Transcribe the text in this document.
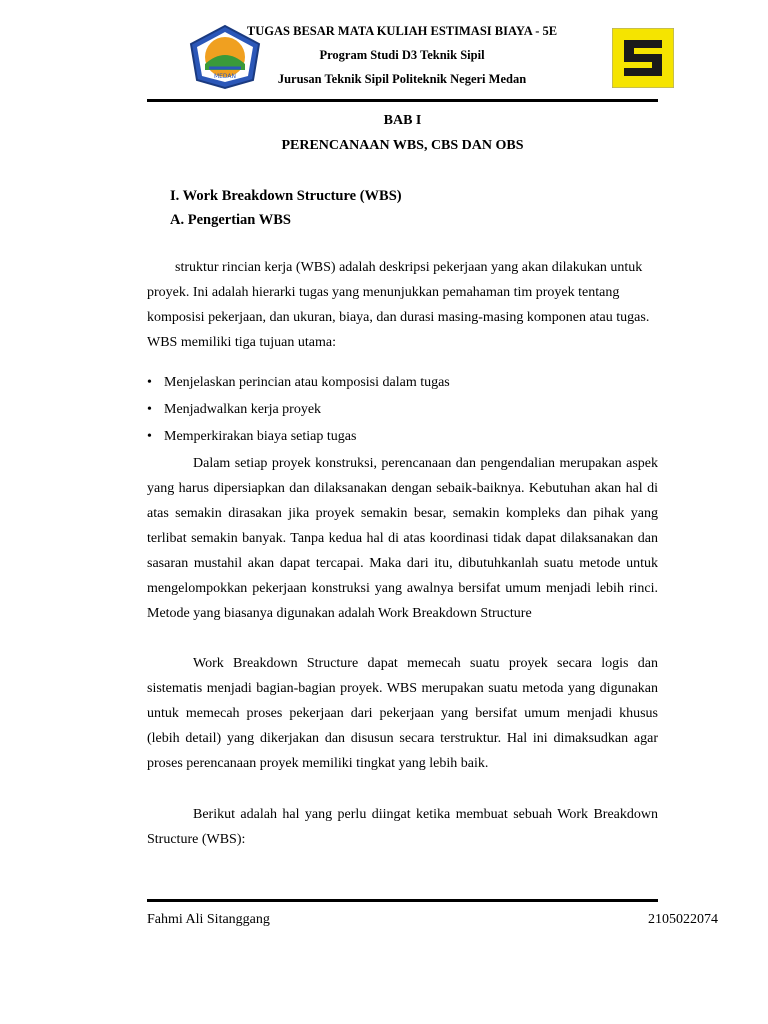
MEDAN
TUGAS BESAR MATA KULIAH ESTIMASI BIAYA - 5E
Program Studi D3 Teknik Sipil
Jurusan Teknik Sipil Politeknik Negeri Medan
BAB I
PERENCANAAN WBS, CBS DAN OBS
I. Work Breakdown Structure (WBS)
A. Pengertian WBS

struktur rincian kerja (WBS) adalah deskripsi pekerjaan yang akan dilakukan untuk proyek. Ini adalah hierarki tugas yang menunjukkan pemahaman tim proyek tentang komposisi pekerjaan, dan ukuran, biaya, dan durasi masing-masing komponen atau tugas. WBS memiliki tiga tujuan utama:

• Menjelaskan perincian atau komposisi dalam tugas
• Menjadwalkan kerja proyek
• Memperkirakan biaya setiap tugas

Dalam setiap proyek konstruksi, perencanaan dan pengendalian merupakan aspek yang harus dipersiapkan dan dilaksanakan dengan sebaik-baiknya. Kebutuhan akan hal di atas semakin dirasakan jika proyek semakin besar, semakin kompleks dan pihak yang terlibat semakin banyak. Tanpa kedua hal di atas koordinasi tidak dapat dilaksanakan dan sasaran mustahil akan dapat tercapai. Maka dari itu, dibutuhkanlah suatu metode untuk mengelompokkan pekerjaan konstruksi yang awalnya bersifat umum menjadi lebih rinci. Metode yang biasanya digunakan adalah Work Breakdown Structure

Work Breakdown Structure dapat memecah suatu proyek secara logis dan sistematis menjadi bagian-bagian proyek. WBS merupakan suatu metoda yang digunakan untuk memecah proses pekerjaan dari pekerjaan yang bersifat umum menjadi khusus (lebih detail) yang dikerjakan dan disusun secara terstruktur. Hal ini dimaksudkan agar proses perencanaan proyek memiliki tingkat yang lebih baik.

Berikut adalah hal yang perlu diingat ketika membuat sebuah Work Breakdown Structure (WBS):

Fahmi Ali Sitanggang	2105022074
